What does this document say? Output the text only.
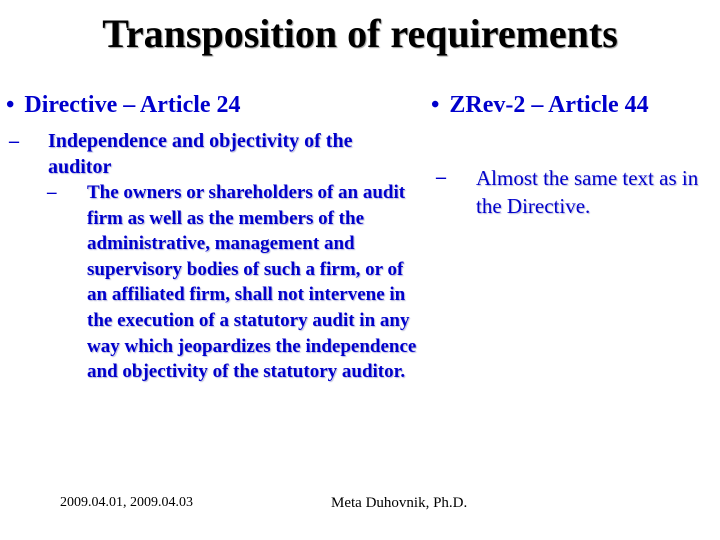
Transposition of requirements
• Directive – Article 24
– Independence and objectivity of the auditor
– The owners or shareholders of an audit firm as well as the members of the administrative, management and supervisory bodies of such a firm, or of an affiliated firm, shall not intervene in the execution of a statutory audit in any way which jeopardizes the independence and objectivity of the statutory auditor.
• ZRev-2 – Article 44
– Almost the same text as in the Directive.
2009.04.01, 2009.04.03	Meta Duhovnik, Ph.D.
